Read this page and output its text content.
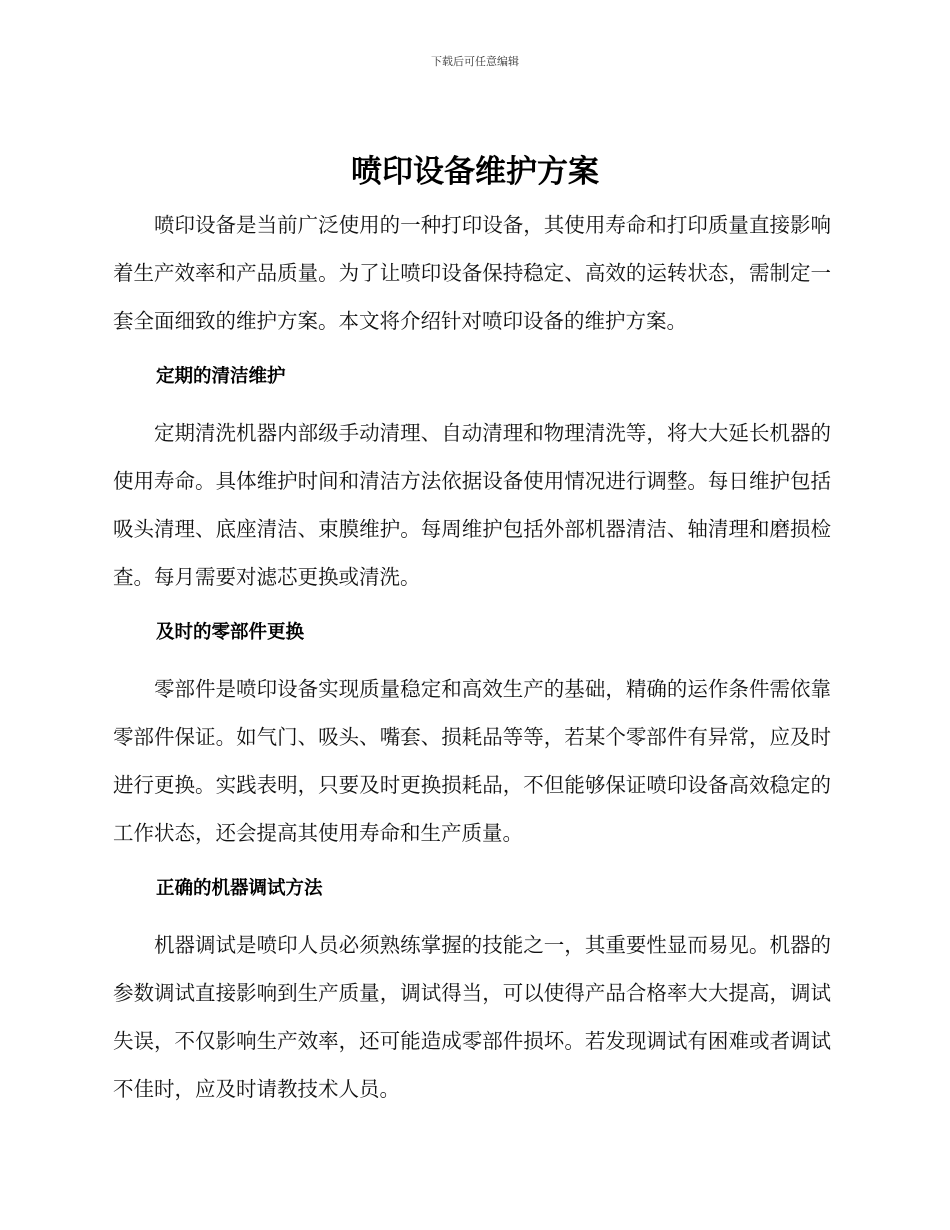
下载后可任意编辑
喷印设备维护方案

喷印设备是当前广泛使用的一种打印设备，其使用寿命和打印质量直接影响着生产效率和产品质量。为了让喷印设备保持稳定、高效的运转状态，需制定一套全面细致的维护方案。本文将介绍针对喷印设备的维护方案。

定期的清洁维护

定期清洗机器内部级手动清理、自动清理和物理清洗等，将大大延长机器的使用寿命。具体维护时间和清洁方法依据设备使用情况进行调整。每日维护包括吸头清理、底座清洁、束膜维护。每周维护包括外部机器清洁、轴清理和磨损检查。每月需要对滤芯更换或清洗。

及时的零部件更换

零部件是喷印设备实现质量稳定和高效生产的基础，精确的运作条件需依靠零部件保证。如气门、吸头、嘴套、损耗品等等，若某个零部件有异常，应及时进行更换。实践表明，只要及时更换损耗品，不但能够保证喷印设备高效稳定的工作状态，还会提高其使用寿命和生产质量。

正确的机器调试方法

机器调试是喷印人员必须熟练掌握的技能之一，其重要性显而易见。机器的参数调试直接影响到生产质量，调试得当，可以使得产品合格率大大提高，调试失误，不仅影响生产效率，还可能造成零部件损坏。若发现调试有困难或者调试不佳时，应及时请教技术人员。
